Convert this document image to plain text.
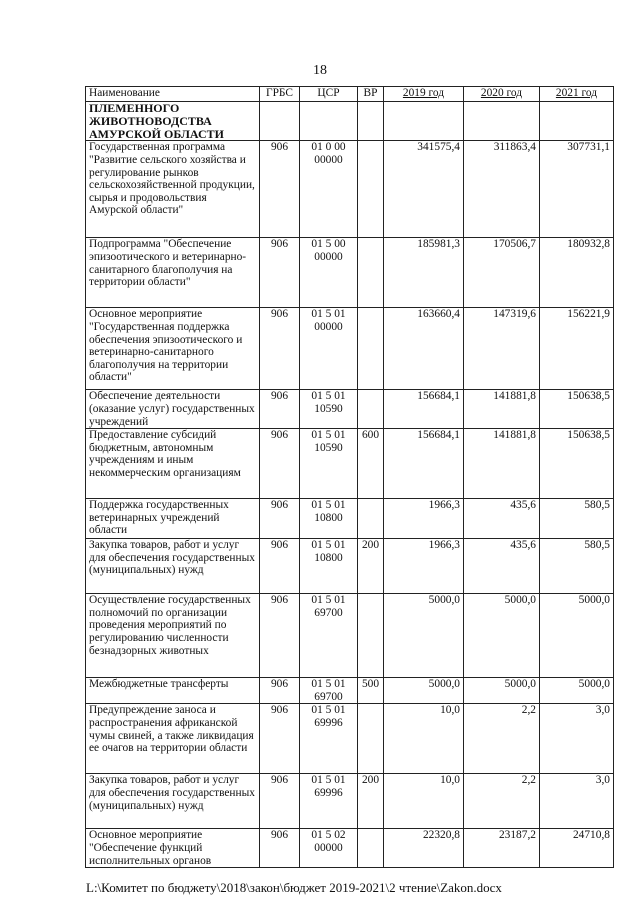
18
Наименование	ГРБС	ЦСР	ВР	2019 год	2020 год	2021 год
ПЛЕМЕННОГО ЖИВОТНОВОДСТВА АМУРСКОЙ ОБЛАСТИ						
Государственная программа "Развитие сельского хозяйства и регулирование рынков сельскохозяйственной продукции, сырья и продовольствия Амурской области"	906	01 0 00 00000		341575,4	311863,4	307731,1
Подпрограмма "Обеспечение эпизоотического и ветеринарно-санитарного благополучия на территории области"	906	01 5 00 00000		185981,3	170506,7	180932,8
Основное мероприятие "Государственная поддержка обеспечения эпизоотического и ветеринарно-санитарного благополучия на территории области"	906	01 5 01 00000		163660,4	147319,6	156221,9
Обеспечение деятельности (оказание услуг) государственных учреждений	906	01 5 01 10590		156684,1	141881,8	150638,5
Предоставление субсидий бюджетным, автономным учреждениям и иным некоммерческим организациям	906	01 5 01 10590	600	156684,1	141881,8	150638,5
Поддержка государственных ветеринарных учреждений области	906	01 5 01 10800		1966,3	435,6	580,5
Закупка товаров, работ и услуг для обеспечения государственных (муниципальных) нужд	906	01 5 01 10800	200	1966,3	435,6	580,5
Осуществление государственных полномочий по организации проведения мероприятий по регулированию численности безнадзорных животных	906	01 5 01 69700		5000,0	5000,0	5000,0
Межбюджетные трансферты	906	01 5 01 69700	500	5000,0	5000,0	5000,0
Предупреждение заноса и распространения африканской чумы свиней, а также ликвидация ее очагов на территории области	906	01 5 01 69996		10,0	2,2	3,0
Закупка товаров, работ и услуг для обеспечения государственных (муниципальных) нужд	906	01 5 01 69996	200	10,0	2,2	3,0
Основное мероприятие "Обеспечение функций исполнительных органов	906	01 5 02 00000		22320,8	23187,2	24710,8
L:\Комитет по бюджету\2018\закон\бюджет 2019-2021\2 чтение\Zakon.docx
